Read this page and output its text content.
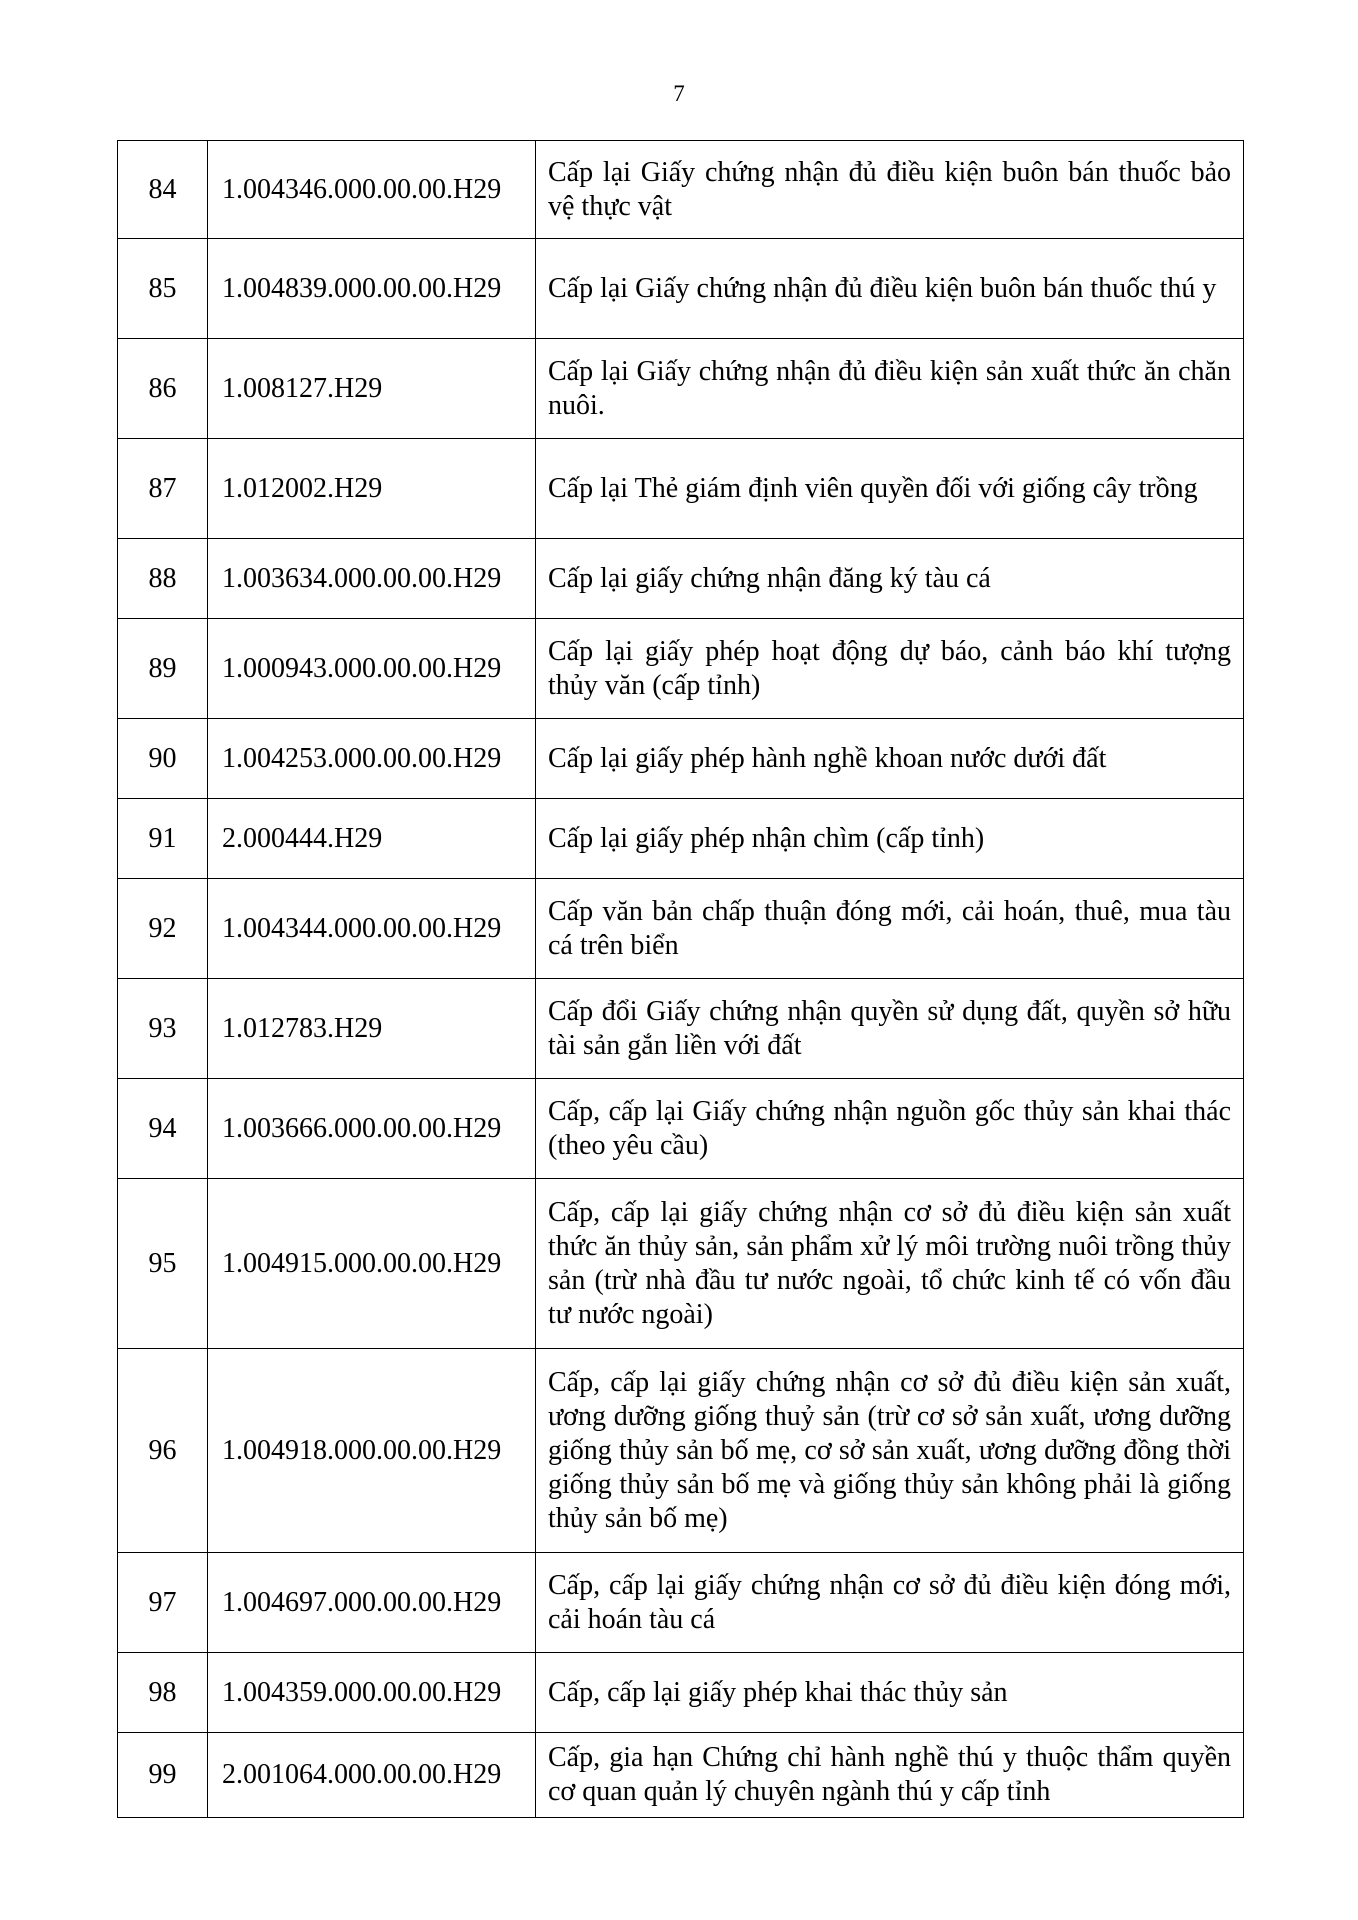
7
84	1.004346.000.00.00.H29	Cấp lại Giấy chứng nhận đủ điều kiện buôn bán thuốc bảo vệ thực vật
85	1.004839.000.00.00.H29	Cấp lại Giấy chứng nhận đủ điều kiện buôn bán thuốc thú y
86	1.008127.H29	Cấp lại Giấy chứng nhận đủ điều kiện sản xuất thức ăn chăn nuôi.
87	1.012002.H29	Cấp lại Thẻ giám định viên quyền đối với giống cây trồng
88	1.003634.000.00.00.H29	Cấp lại giấy chứng nhận đăng ký tàu cá
89	1.000943.000.00.00.H29	Cấp lại giấy phép hoạt động dự báo, cảnh báo khí tượng thủy văn (cấp tỉnh)
90	1.004253.000.00.00.H29	Cấp lại giấy phép hành nghề khoan nước dưới đất
91	2.000444.H29	Cấp lại giấy phép nhận chìm (cấp tỉnh)
92	1.004344.000.00.00.H29	Cấp văn bản chấp thuận đóng mới, cải hoán, thuê, mua tàu cá trên biển
93	1.012783.H29	Cấp đổi Giấy chứng nhận quyền sử dụng đất, quyền sở hữu tài sản gắn liền với đất
94	1.003666.000.00.00.H29	Cấp, cấp lại Giấy chứng nhận nguồn gốc thủy sản khai thác (theo yêu cầu)
95	1.004915.000.00.00.H29	Cấp, cấp lại giấy chứng nhận cơ sở đủ điều kiện sản xuất thức ăn thủy sản, sản phẩm xử lý môi trường nuôi trồng thủy sản (trừ nhà đầu tư nước ngoài, tổ chức kinh tế có vốn đầu tư nước ngoài)
96	1.004918.000.00.00.H29	Cấp, cấp lại giấy chứng nhận cơ sở đủ điều kiện sản xuất, ương dưỡng giống thuỷ sản (trừ cơ sở sản xuất, ương dưỡng giống thủy sản bố mẹ, cơ sở sản xuất, ương dưỡng đồng thời giống thủy sản bố mẹ và giống thủy sản không phải là giống thủy sản bố mẹ)
97	1.004697.000.00.00.H29	Cấp, cấp lại giấy chứng nhận cơ sở đủ điều kiện đóng mới, cải hoán tàu cá
98	1.004359.000.00.00.H29	Cấp, cấp lại giấy phép khai thác thủy sản
99	2.001064.000.00.00.H29	Cấp, gia hạn Chứng chỉ hành nghề thú y thuộc thẩm quyền cơ quan quản lý chuyên ngành thú y cấp tỉnh
